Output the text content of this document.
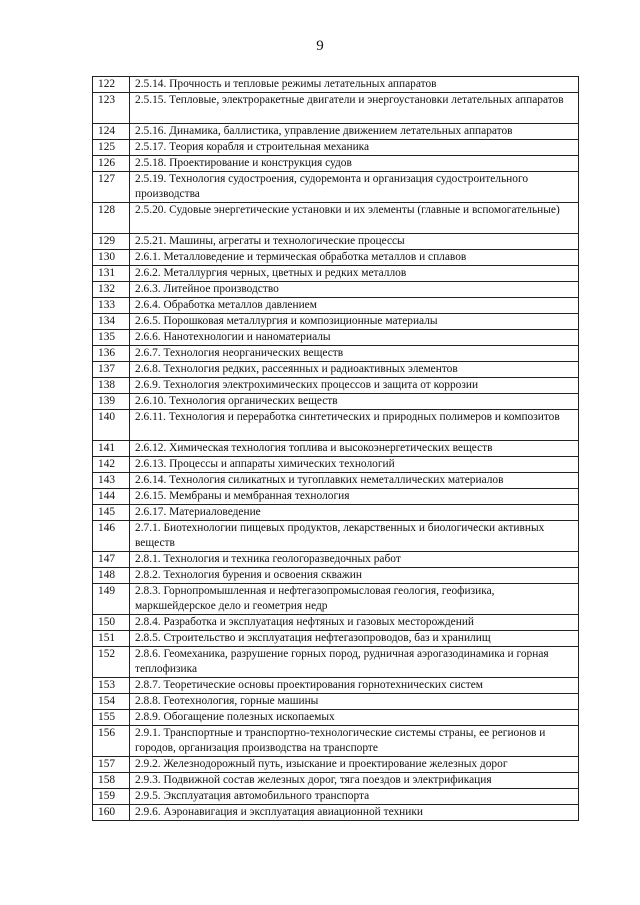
9
122	2.5.14. Прочность и тепловые режимы летательных аппаратов
123	2.5.15. Тепловые, электроракетные двигатели и энергоустановки летательных аппаратов
124	2.5.16. Динамика, баллистика, управление движением летательных аппаратов
125	2.5.17. Теория корабля и строительная механика
126	2.5.18. Проектирование и конструкция судов
127	2.5.19. Технология судостроения, судоремонта и организация судостроительного производства
128	2.5.20. Судовые энергетические установки и их элементы (главные и вспомогательные)
129	2.5.21. Машины, агрегаты и технологические процессы
130	2.6.1. Металловедение и термическая обработка металлов и сплавов
131	2.6.2. Металлургия черных, цветных и редких металлов
132	2.6.3. Литейное производство
133	2.6.4. Обработка металлов давлением
134	2.6.5. Порошковая металлургия и композиционные материалы
135	2.6.6. Нанотехнологии и наноматериалы
136	2.6.7. Технология неорганических веществ
137	2.6.8. Технология редких, рассеянных и радиоактивных элементов
138	2.6.9. Технология электрохимических процессов и защита от коррозии
139	2.6.10. Технология органических веществ
140	2.6.11. Технология и переработка синтетических и природных полимеров и композитов
141	2.6.12. Химическая технология топлива и высокоэнергетических веществ
142	2.6.13. Процессы и аппараты химических технологий
143	2.6.14. Технология силикатных и тугоплавких неметаллических материалов
144	2.6.15. Мембраны и мембранная технология
145	2.6.17. Материаловедение
146	2.7.1. Биотехнологии пищевых продуктов, лекарственных и биологически активных веществ
147	2.8.1. Технология и техника геологоразведочных работ
148	2.8.2. Технология бурения и освоения скважин
149	2.8.3. Горнопромышленная и нефтегазопромысловая геология, геофизика, маркшейдерское дело и геометрия недр
150	2.8.4. Разработка и эксплуатация нефтяных и газовых месторождений
151	2.8.5. Строительство и эксплуатация нефтегазопроводов, баз и хранилищ
152	2.8.6. Геомеханика, разрушение горных пород, рудничная аэрогазодинамика и горная теплофизика
153	2.8.7. Теоретические основы проектирования горнотехнических систем
154	2.8.8. Геотехнология, горные машины
155	2.8.9. Обогащение полезных ископаемых
156	2.9.1. Транспортные и транспортно-технологические системы страны, ее регионов и городов, организация производства на транспорте
157	2.9.2. Железнодорожный путь, изыскание и проектирование железных дорог
158	2.9.3. Подвижной состав железных дорог, тяга поездов и электрификация
159	2.9.5. Эксплуатация автомобильного транспорта
160	2.9.6. Аэронавигация и эксплуатация авиационной техники
